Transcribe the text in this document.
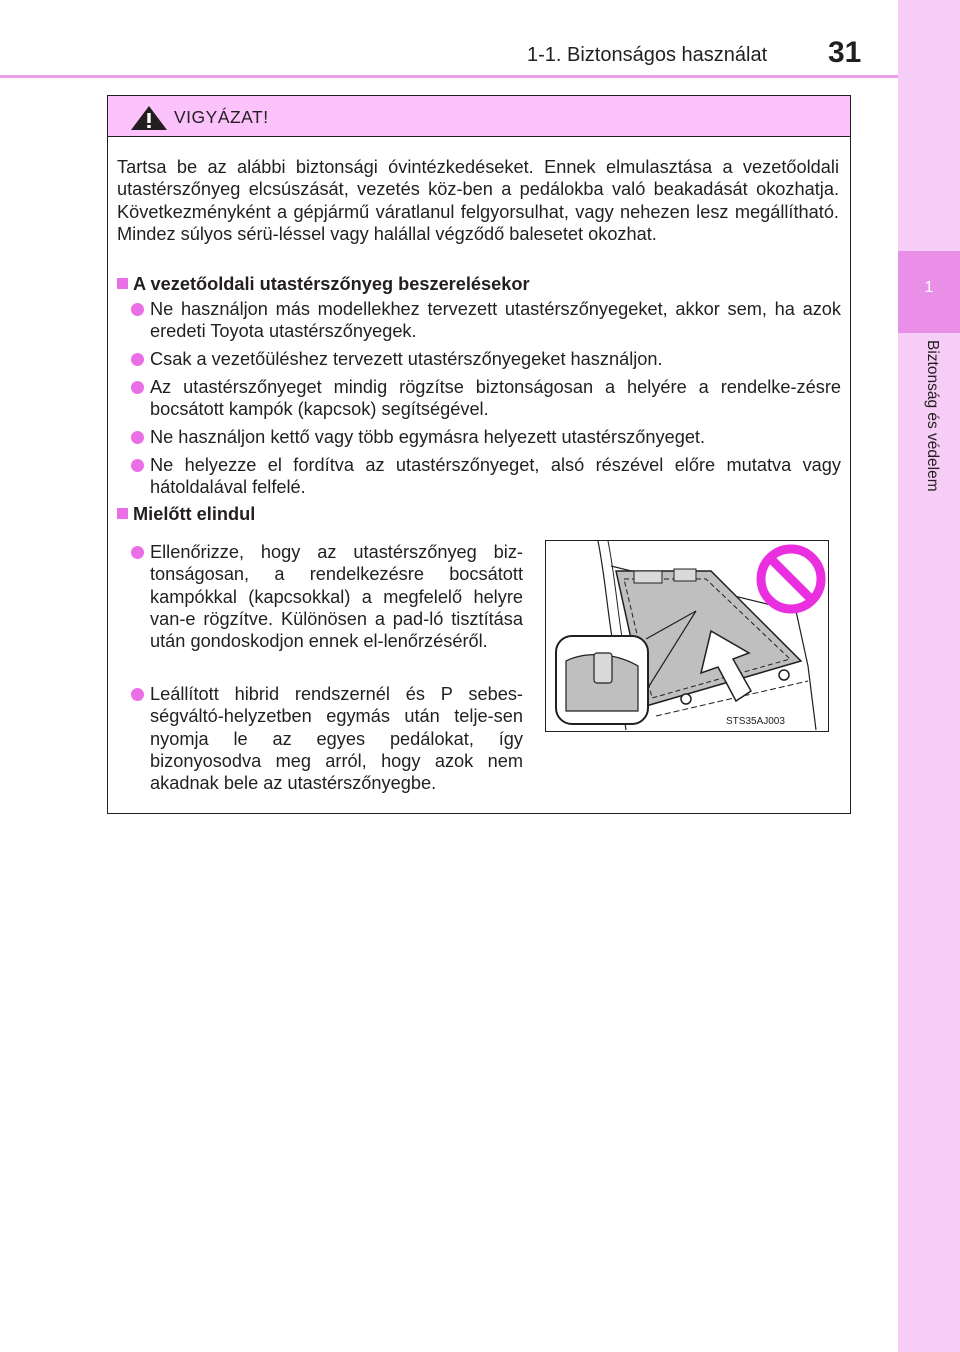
1-1. Biztonságos használat 31
1
Biztonság és védelem
VIGYÁZAT!
Tartsa be az alábbi biztonsági óvintézkedéseket. Ennek elmulasztása a vezetőoldali utastérszőnyeg elcsúszását, vezetés köz-ben a pedálokba való beakadását okozhatja. Következményként a gépjármű váratlanul felgyorsulhat, vagy nehezen lesz megállítható. Mindez súlyos sérü-léssel vagy halállal végződő balesetet okozhat.
A vezetőoldali utastérszőnyeg beszerelésekor
Ne használjon más modellekhez tervezett utastérszőnyegeket, akkor sem, ha azok eredeti Toyota utastérszőnyegek.
Csak a vezetőüléshez tervezett utastérszőnyegeket használjon.
Az utastérszőnyeget mindig rögzítse biztonságosan a helyére a rendelke-zésre bocsátott kampók (kapcsok) segítségével.
Ne használjon kettő vagy több egymásra helyezett utastérszőnyeget.
Ne helyezze el fordítva az utastérszőnyeget, alsó részével előre mutatva vagy hátoldalával felfelé.
Mielőtt elindul
Ellenőrizze, hogy az utastérszőnyeg biz-tonságosan, a rendelkezésre bocsátott kampókkal (kapcsokkal) a megfelelő helyre van-e rögzítve. Különösen a pad-ló tisztítása után gondoskodjon ennek el-lenőrzéséről.
Leállított hibrid rendszernél és P sebes-ségváltó-helyzetben egymás után telje-sen nyomja le az egyes pedálokat, így bizonyosodva meg arról, hogy azok nem akadnak bele az utastérszőnyegbe.
STS35AJ003
